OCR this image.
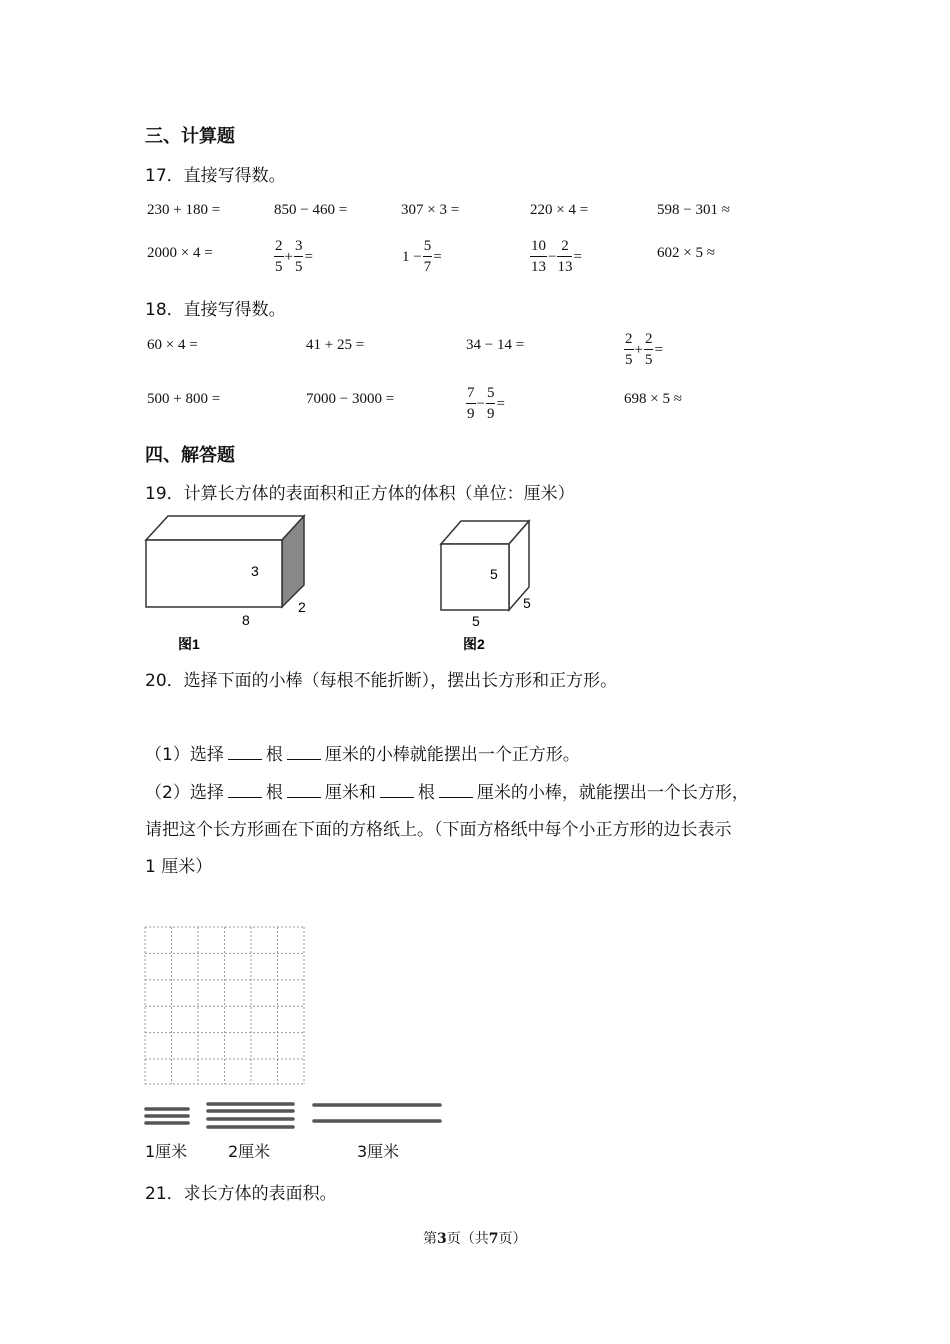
三、计算题
17．直接写得数。
230 + 180 =	850 − 460 =	307 × 3 =	220 × 4 =	598 − 301 ≈
2000 × 4 =	$\frac{2}{5} + \frac{3}{5}$ =	$1 - \frac{5}{7}$ =	$\frac{10}{13} - \frac{2}{13}$ =	602 × 5 ≈
18．直接写得数。
60 × 4 =	41 + 25 =	34 − 14 =	$\frac{2}{5} + \frac{2}{5}$ =
500 + 800 =	7000 − 3000 =	$\frac{7}{9} - \frac{5}{9}$ =	698 × 5 ≈
四、解答题
19．计算长方体的表面积和正方体的体积（单位：厘米）
3
2
8
图1
5
5
5
图2
20．选择下面的小棒（每根不能折断），摆出长方形和正方形。
（1）选择 根 厘米的小棒就能摆出一个正方形。
（2）选择 根 厘米和 根 厘米的小棒，就能摆出一个长方形，
请把这个长方形画在下面的方格纸上。（下面方格纸中每个小正方形的边长表示
1 厘米）
1厘米	2厘米	3厘米
21．求长方体的表面积。
第3页（共7页）
